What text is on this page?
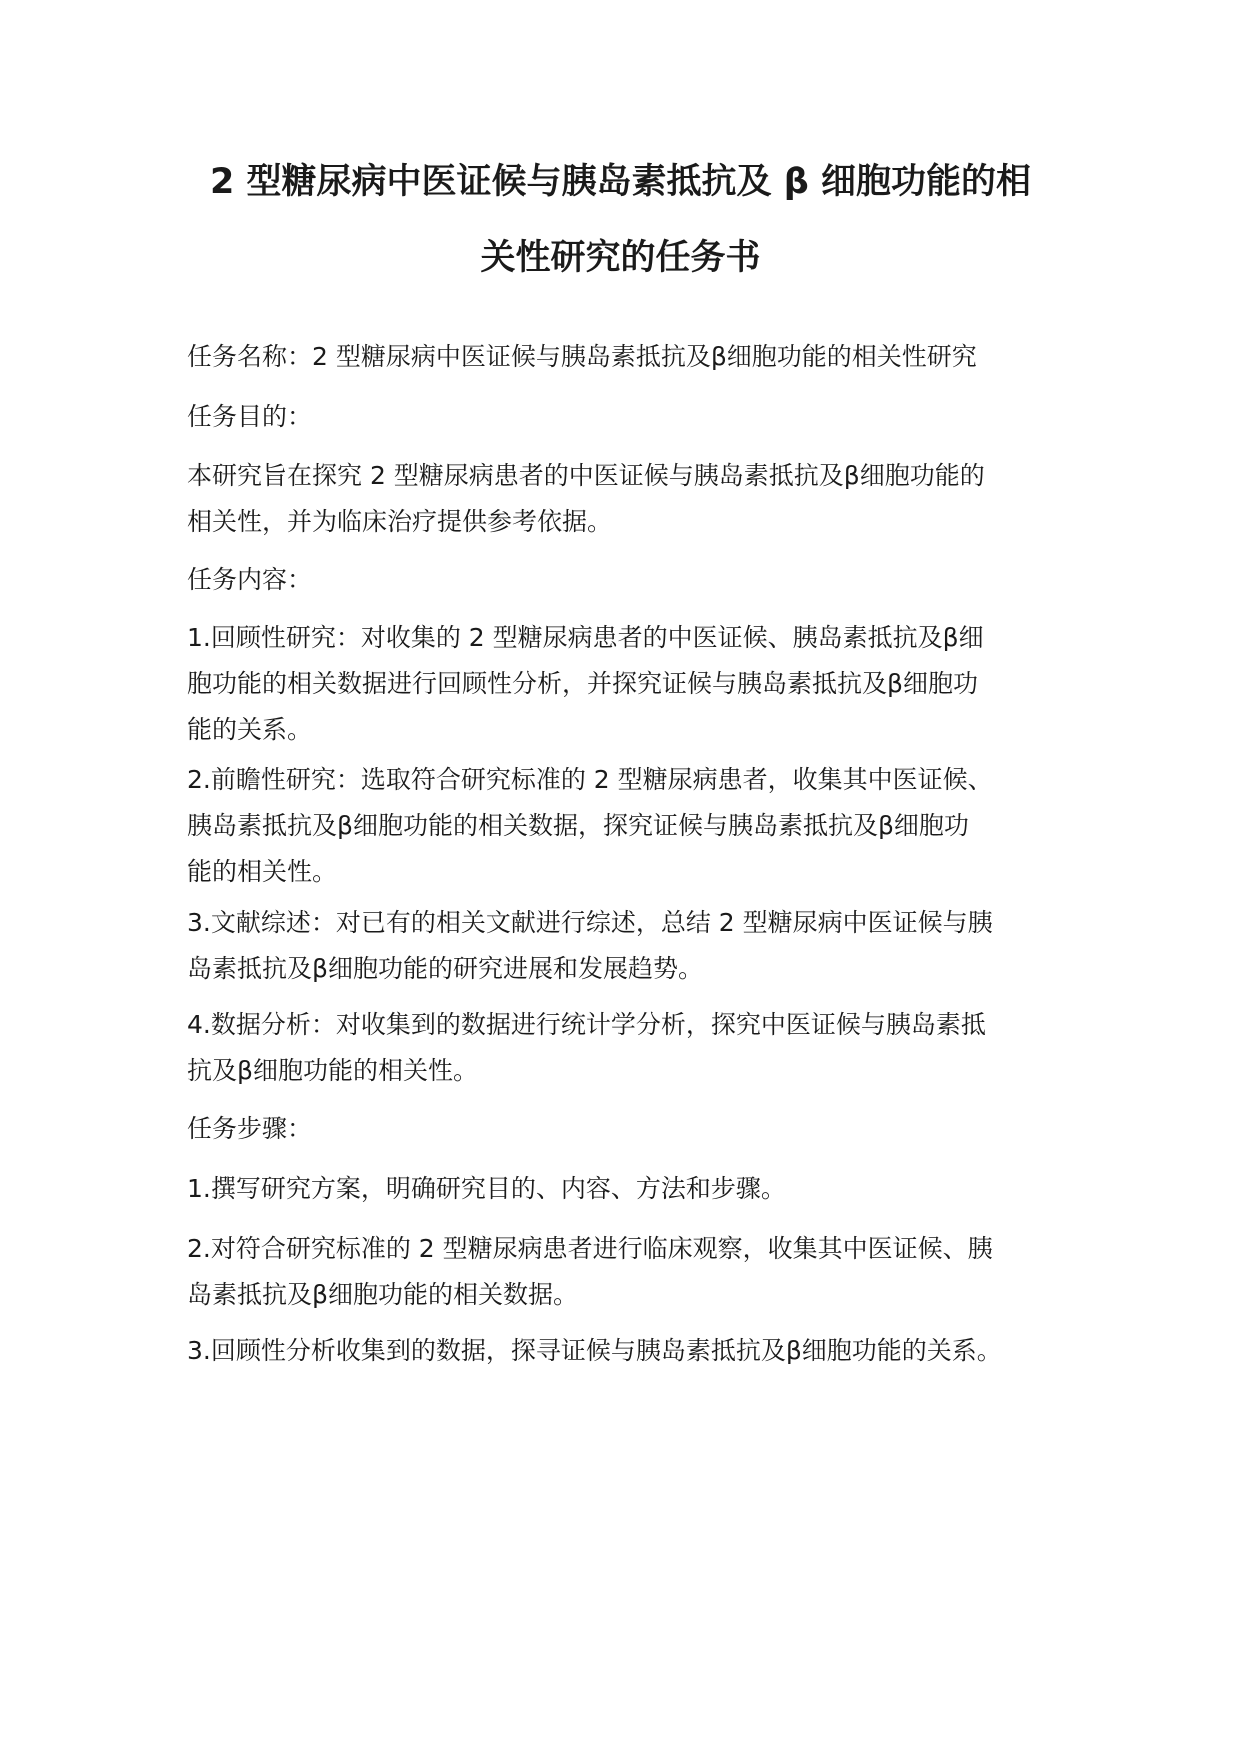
2 型糖尿病中医证候与胰岛素抵抗及 β 细胞功能的相
关性研究的任务书

任务名称：2 型糖尿病中医证候与胰岛素抵抗及β细胞功能的相关性研究

任务目的：

本研究旨在探究 2 型糖尿病患者的中医证候与胰岛素抵抗及β细胞功能的
相关性，并为临床治疗提供参考依据。

任务内容：

1.回顾性研究：对收集的 2 型糖尿病患者的中医证候、胰岛素抵抗及β细
胞功能的相关数据进行回顾性分析，并探究证候与胰岛素抵抗及β细胞功
能的关系。

2.前瞻性研究：选取符合研究标准的 2 型糖尿病患者，收集其中医证候、
胰岛素抵抗及β细胞功能的相关数据，探究证候与胰岛素抵抗及β细胞功
能的相关性。

3.文献综述：对已有的相关文献进行综述，总结 2 型糖尿病中医证候与胰
岛素抵抗及β细胞功能的研究进展和发展趋势。

4.数据分析：对收集到的数据进行统计学分析，探究中医证候与胰岛素抵
抗及β细胞功能的相关性。

任务步骤：

1.撰写研究方案，明确研究目的、内容、方法和步骤。

2.对符合研究标准的 2 型糖尿病患者进行临床观察，收集其中医证候、胰
岛素抵抗及β细胞功能的相关数据。

3.回顾性分析收集到的数据，探寻证候与胰岛素抵抗及β细胞功能的关系。
